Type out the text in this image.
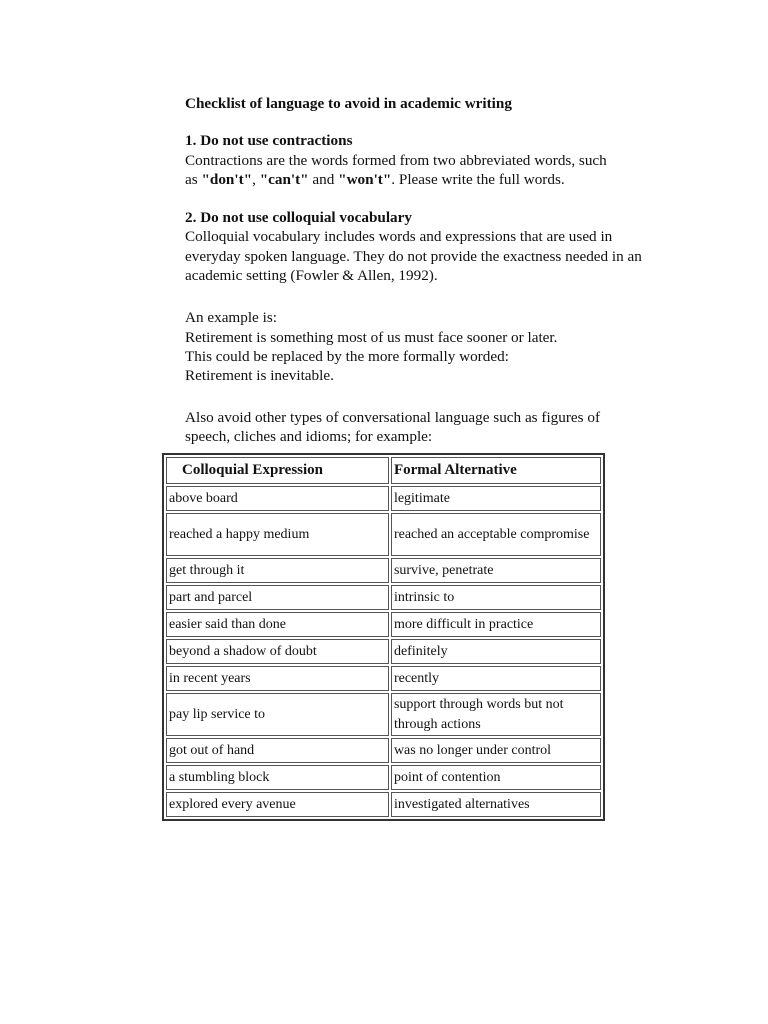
Checklist of language to avoid in academic writing
1. Do not use contractions

Contractions are the words formed from two abbreviated words, such

as "don't", "can't" and "won't". Please write the full words.

2. Do not use colloquial vocabulary

Colloquial vocabulary includes words and expressions that are used in

everyday spoken language. They do not provide the exactness needed in an

academic setting (Fowler & Allen, 1992).

An example is:

Retirement is something most of us must face sooner or later.

This could be replaced by the more formally worded:

Retirement is inevitable.

Also avoid other types of conversational language such as figures of

speech, cliches and idioms; for example:

Colloquial Expression	Formal Alternative
above board	legitimate
reached a happy medium	reached an acceptable compromise
get through it	survive, penetrate
part and parcel	intrinsic to
easier said than done	more difficult in practice
beyond a shadow of doubt	definitely
in recent years	recently
pay lip service to	support through words but not through actions
got out of hand	was no longer under control
a stumbling block	point of contention
explored every avenue	investigated alternatives
